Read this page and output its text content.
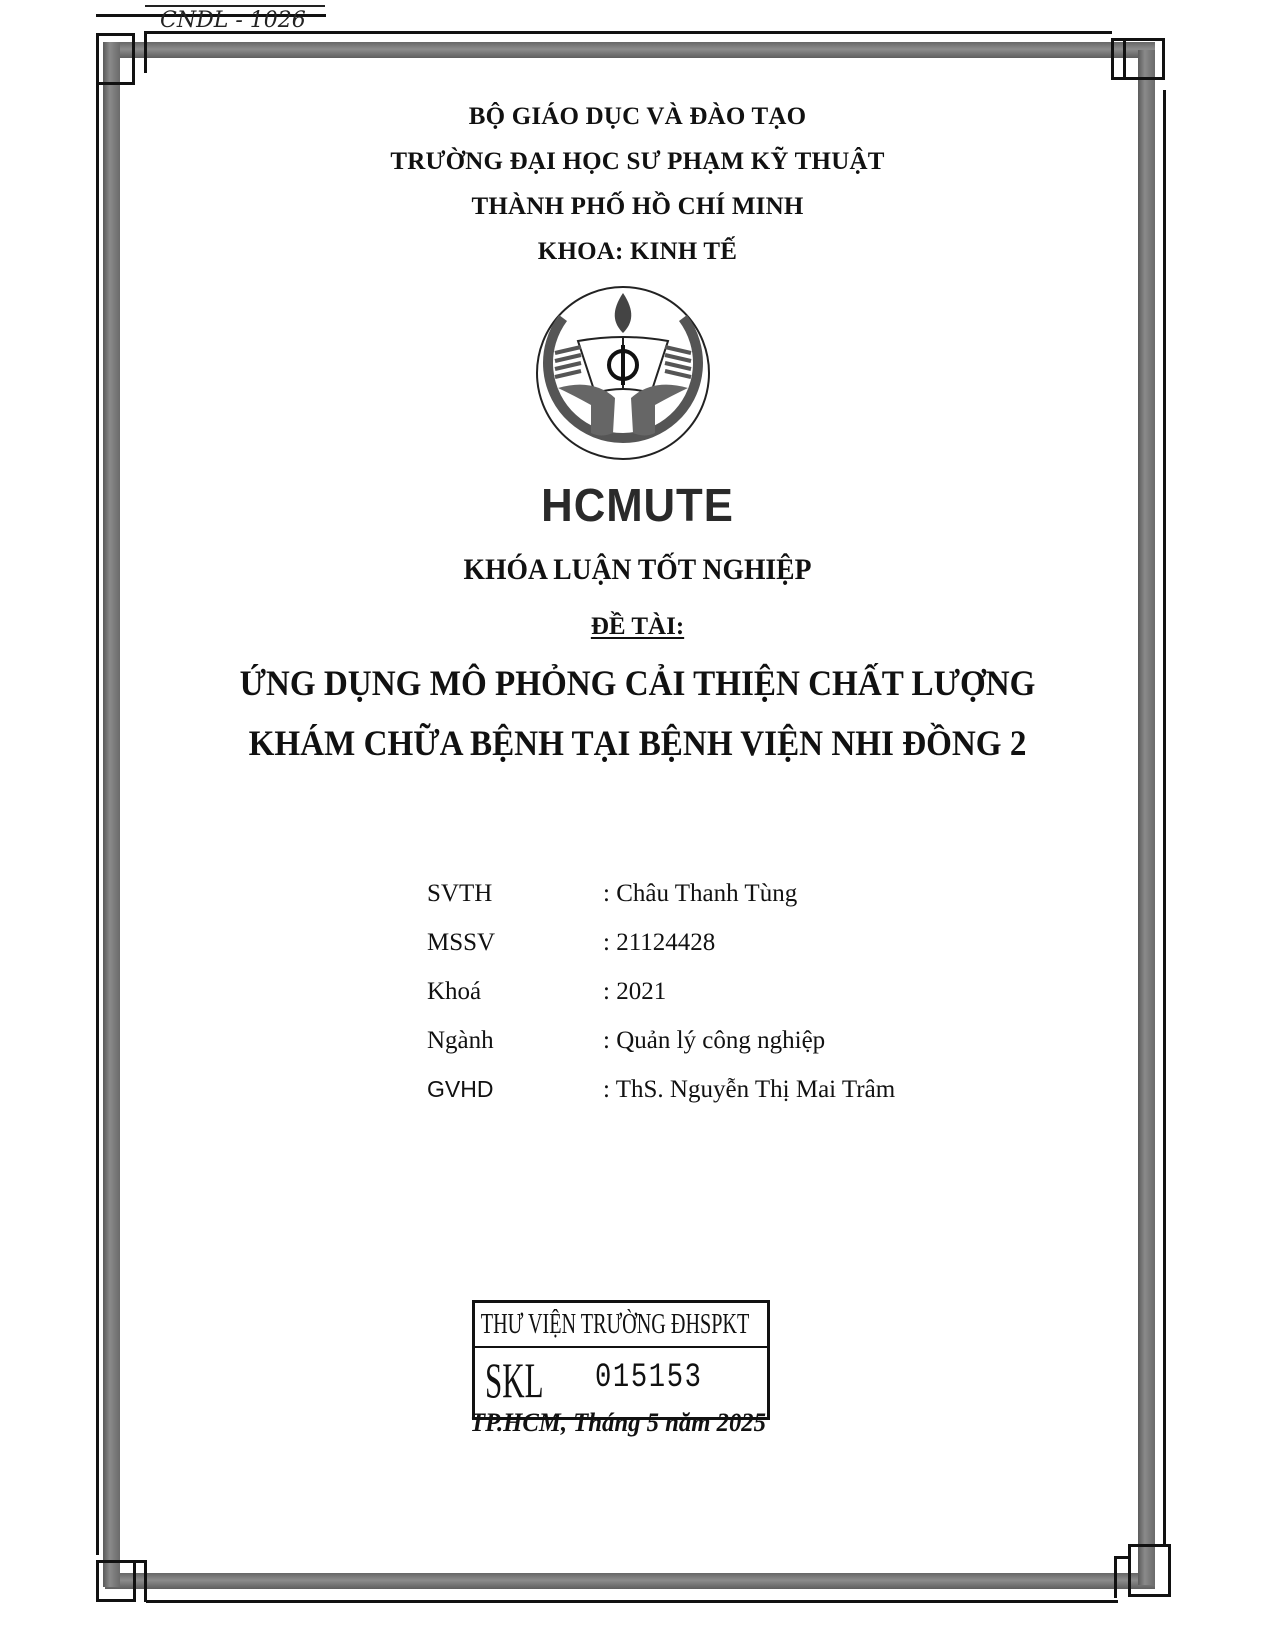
CNDL - 1026
BỘ GIÁO DỤC VÀ ĐÀO TẠO
TRƯỜNG ĐẠI HỌC SƯ PHẠM KỸ THUẬT
THÀNH PHỐ HỒ CHÍ MINH
KHOA: KINH TẾ
HCMUTE
KHÓA LUẬN TỐT NGHIỆP
ĐỀ TÀI:
ỨNG DỤNG MÔ PHỎNG CẢI THIỆN CHẤT LƯỢNG
KHÁM CHỮA BỆNH TẠI BỆNH VIỆN NHI ĐỒNG 2
SVTH	: Châu Thanh Tùng
MSSV	: 21124428
Khoá	: 2021
Ngành	: Quản lý công nghiệp
GVHD	: ThS. Nguyễn Thị Mai Trâm
THƯ VIỆN TRƯỜNG ĐHSPKT
SKL 015153
TP.HCM, Tháng 5 năm 2025
